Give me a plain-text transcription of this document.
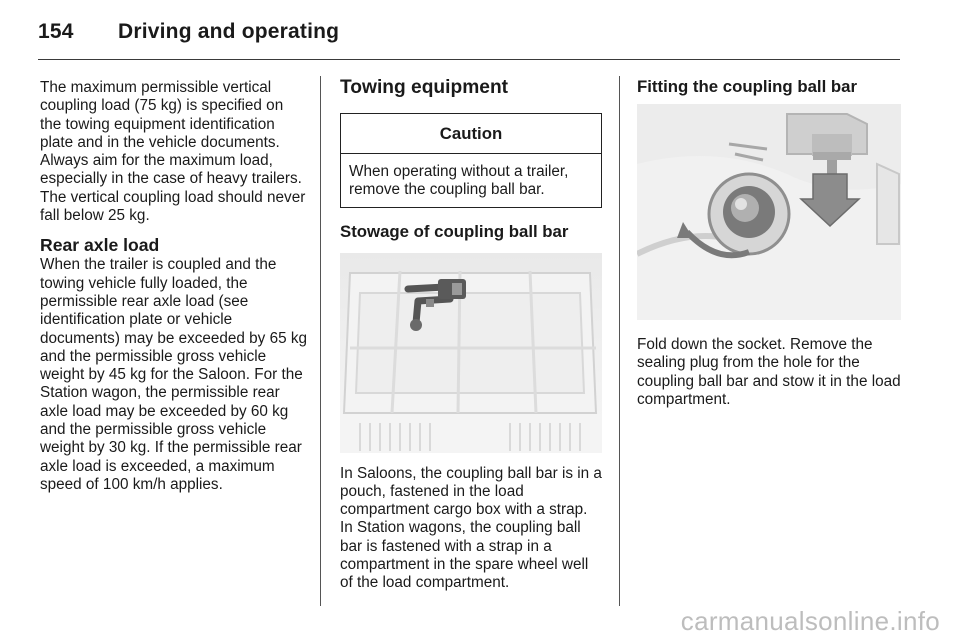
154 Driving and operating

The maximum permissible vertical coupling load (75 kg) is specified on the towing equipment identification plate and in the vehicle documents. Always aim for the maximum load, especially in the case of heavy trailers. The vertical coupling load should never fall below 25 kg.

Rear axle load

When the trailer is coupled and the towing vehicle fully loaded, the permissible rear axle load (see identification plate or vehicle documents) may be exceeded by 65 kg and the permissible gross vehicle weight by 45 kg for the Saloon. For the Station wagon, the permissible rear axle load may be exceeded by 60 kg and the permissible gross vehicle weight by 30 kg. If the permissible rear axle load is exceeded, a maximum speed of 100 km/h applies.

Towing equipment
Caution

When operating without a trailer, remove the coupling ball bar.

Stowage of coupling ball bar

In Saloons, the coupling ball bar is in a pouch, fastened in the load compartment cargo box with a strap. In Station wagons, the coupling ball bar is fastened with a strap in a compartment in the spare wheel well of the load compartment.

Fitting the coupling ball bar

Fold down the socket. Remove the sealing plug from the hole for the coupling ball bar and stow it in the load compartment.

carmanualsonline.info
